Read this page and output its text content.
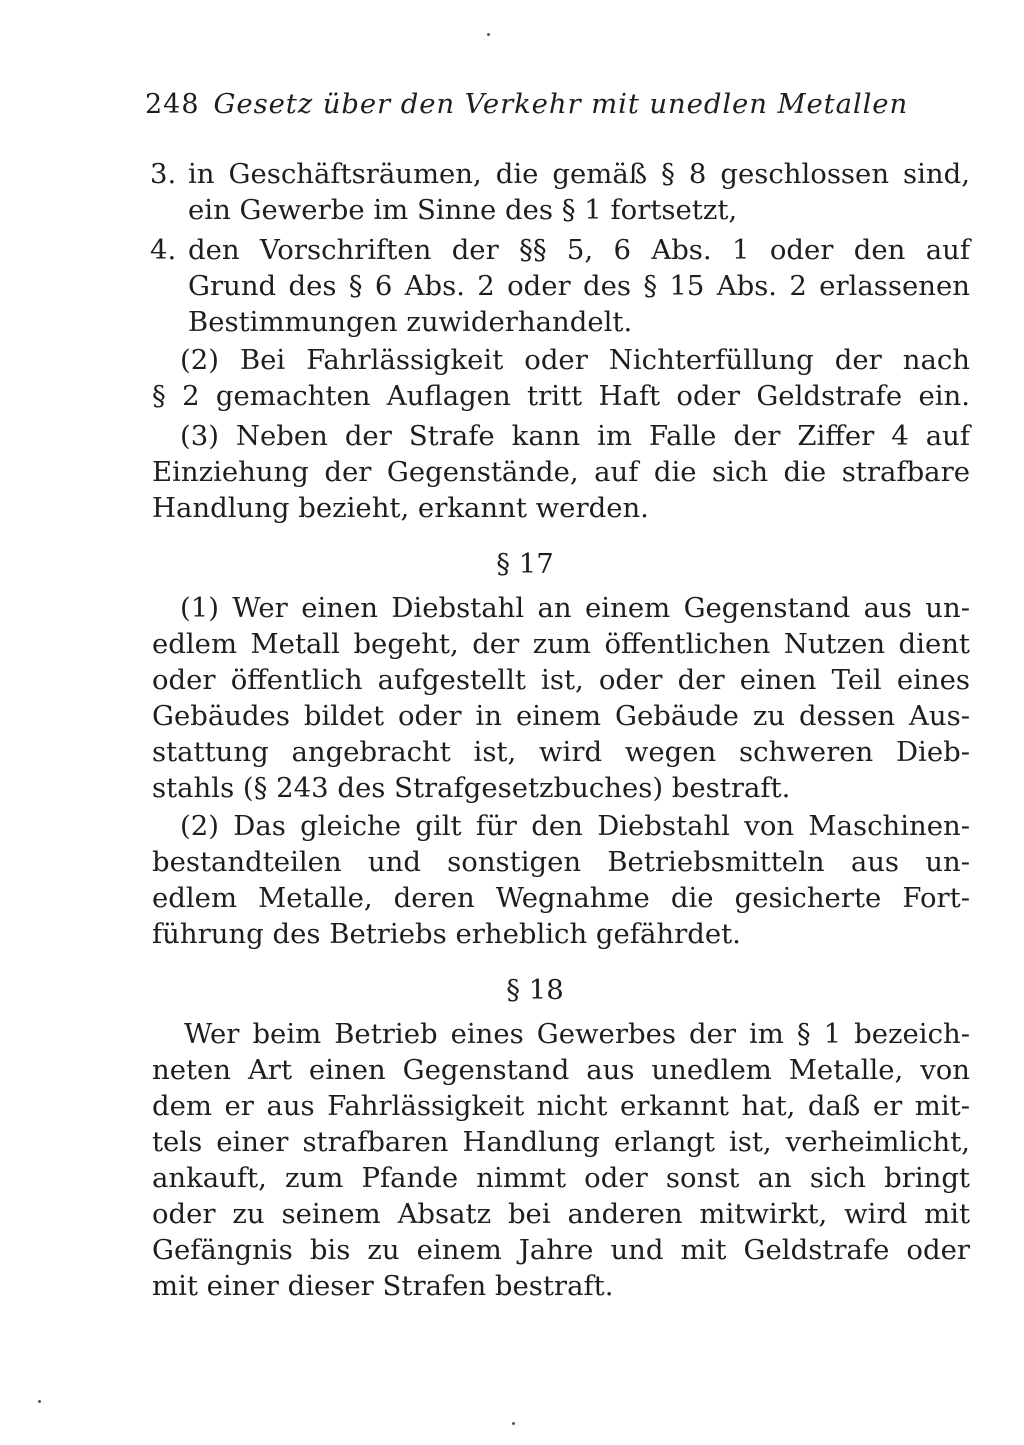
248 Gesetz über den Verkehr mit unedlen Metallen
3. in Geschäftsräumen, die gemäß § 8 geschlossen sind,
ein Gewerbe im Sinne des § 1 fortsetzt,
4. den Vorschriften der §§ 5, 6 Abs. 1 oder den auf
Grund des § 6 Abs. 2 oder des § 15 Abs. 2 erlassenen
Bestimmungen zuwiderhandelt.
(2) Bei Fahrlässigkeit oder Nichterfüllung der nach
§ 2 gemachten Auflagen tritt Haft oder Geldstrafe ein.
(3) Neben der Strafe kann im Falle der Ziffer 4 auf
Einziehung der Gegenstände, auf die sich die strafbare
Handlung bezieht, erkannt werden.
§ 17
(1) Wer einen Diebstahl an einem Gegenstand aus un-
edlem Metall begeht, der zum öffentlichen Nutzen dient
oder öffentlich aufgestellt ist, oder der einen Teil eines
Gebäudes bildet oder in einem Gebäude zu dessen Aus-
stattung angebracht ist, wird wegen schweren Dieb-
stahls (§ 243 des Strafgesetzbuches) bestraft.
(2) Das gleiche gilt für den Diebstahl von Maschinen-
bestandteilen und sonstigen Betriebsmitteln aus un-
edlem Metalle, deren Wegnahme die gesicherte Fort-
führung des Betriebs erheblich gefährdet.
§ 18
Wer beim Betrieb eines Gewerbes der im § 1 bezeich-
neten Art einen Gegenstand aus unedlem Metalle, von
dem er aus Fahrlässigkeit nicht erkannt hat, daß er mit-
tels einer strafbaren Handlung erlangt ist, verheimlicht,
ankauft, zum Pfande nimmt oder sonst an sich bringt
oder zu seinem Absatz bei anderen mitwirkt, wird mit
Gefängnis bis zu einem Jahre und mit Geldstrafe oder
mit einer dieser Strafen bestraft.
